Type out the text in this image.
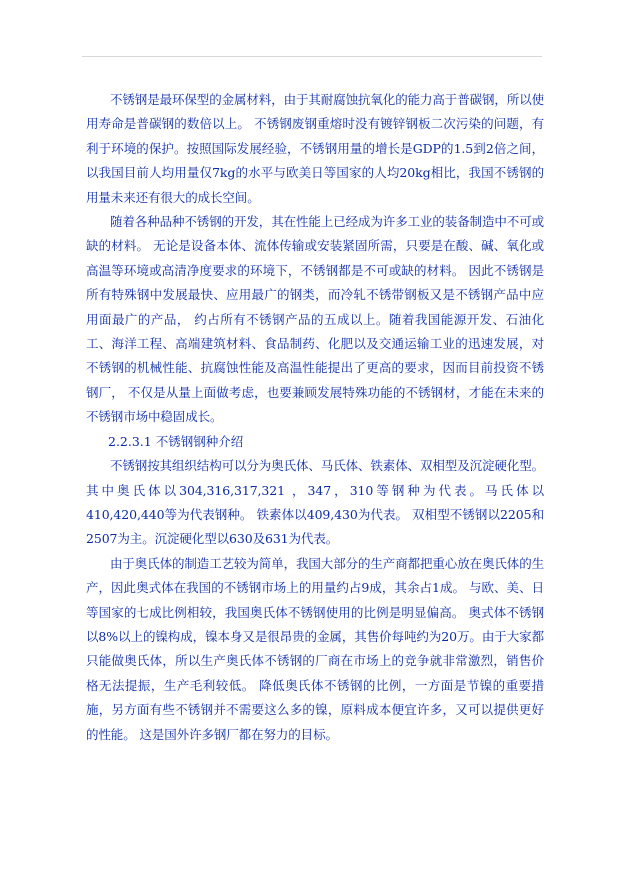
不锈钢是最环保型的金属材料，由于其耐腐蚀抗氧化的能力高于普碳钢，所以使用寿命是普碳钢的数倍以上。 不锈钢废钢重熔时没有镀锌钢板二次污染的问题，有利于环境的保护。按照国际发展经验，不锈钢用量的增长是GDP的1.5到2倍之间，以我国目前人均用量仅7kg的水平与欧美日等国家的人均20kg相比，我国不锈钢的用量未来还有很大的成长空间。

随着各种品种不锈钢的开发，其在性能上已经成为许多工业的装备制造中不可或缺的材料。 无论是设备本体、流体传输或安装紧固所需，只要是在酸、碱、氧化或高温等环境或高清净度要求的环境下，不锈钢都是不可或缺的材料。 因此不锈钢是所有特殊钢中发展最快、应用最广的钢类，而冷轧不锈带钢板又是不锈钢产品中应用面最广的产品， 约占所有不锈钢产品的五成以上。随着我国能源开发、石油化工、海洋工程、高端建筑材料、食品制药、化肥以及交通运输工业的迅速发展，对不锈钢的机械性能、抗腐蚀性能及高温性能提出了更高的要求，因而目前投资不锈钢厂， 不仅是从量上面做考虑，也要兼顾发展特殊功能的不锈钢材，才能在未来的不锈钢市场中稳固成长。

2.2.3.1 不锈钢钢种介绍

不锈钢按其组织结构可以分为奥氏体、马氏体、铁素体、双相型及沉淀硬化型。 其中奥氏体以304,316,317,321 ，347，310等钢种为代表。马氏体以410,420,440等为代表钢种。 铁素体以409,430为代表。 双相型不锈钢以2205和2507为主。沉淀硬化型以630及631为代表。

由于奥氏体的制造工艺较为简单，我国大部分的生产商都把重心放在奥氏体的生产，因此奥式体在我国的不锈钢市场上的用量约占9成，其余占1成。 与欧、美、日等国家的七成比例相较，我国奥氏体不锈钢使用的比例是明显偏高。 奥式体不锈钢以8%以上的镍构成，镍本身又是很昂贵的金属，其售价每吨约为20万。由于大家都只能做奥氏体，所以生产奥氏体不锈钢的厂商在市场上的竞争就非常激烈，销售价格无法提振，生产毛利较低。 降低奥氏体不锈钢的比例，一方面是节镍的重要措施，另方面有些不锈钢并不需要这么多的镍，原料成本便宜许多，又可以提供更好的性能。 这是国外许多钢厂都在努力的目标。
